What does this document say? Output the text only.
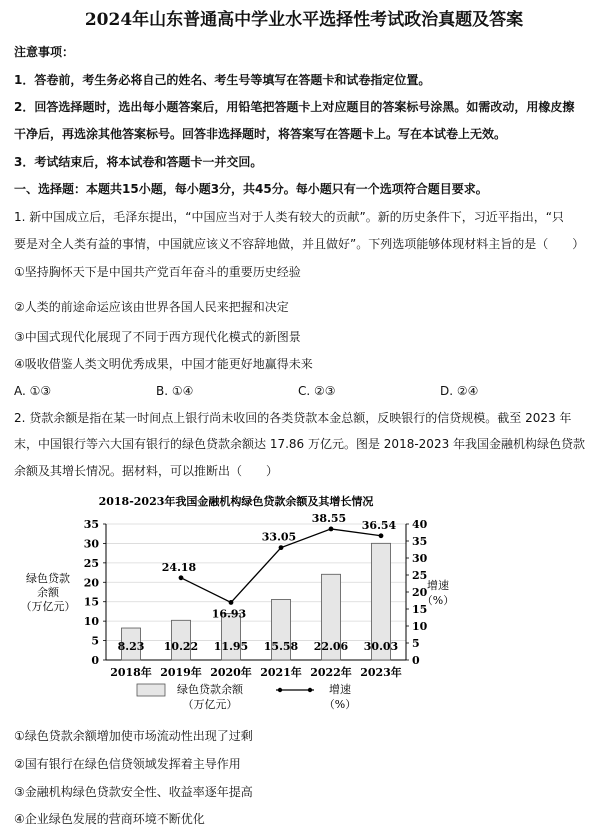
2024年山东普通高中学业水平选择性考试政治真题及答案
注意事项：
1．答卷前，考生务必将自己的姓名、考生号等填写在答题卡和试卷指定位置。
2．回答选择题时，选出每小题答案后，用铅笔把答题卡上对应题目的答案标号涂黑。如需改动，用橡皮擦
干净后，再选涂其他答案标号。回答非选择题时，将答案写在答题卡上。写在本试卷上无效。
3．考试结束后，将本试卷和答题卡一并交回。
一、选择题：本题共15小题，每小题3分，共45分。每小题只有一个选项符合题目要求。
1. 新中国成立后，毛泽东提出，“中国应当对于人类有较大的贡献”。新的历史条件下，习近平指出，“只
要是对全人类有益的事情，中国就应该义不容辞地做，并且做好”。下列选项能够体现材料主旨的是（　　）
①坚持胸怀天下是中国共产党百年奋斗的重要历史经验
②人类的前途命运应该由世界各国人民来把握和决定
③中国式现代化展现了不同于西方现代化模式的新图景
④吸收借鉴人类文明优秀成果，中国才能更好地赢得未来
A. ①③	B. ①④	C. ②③	D. ②④
2. 贷款余额是指在某一时间点上银行尚未收回的各类贷款本金总额，反映银行的信贷规模。截至 2023 年
末，中国银行等六大国有银行的绿色贷款余额达 17.86 万亿元。图是 2018-2023 年我国金融机构绿色贷款
余额及其增长情况。据材料，可以推断出（　　）
2018-2023年我国金融机构绿色贷款余额及其增长情况
绿色贷款
余额
（万亿元）
增速
（%）
0
5
10
15
20
25
30
35
0
5
10
15
20
25
30
35
40
8.23
2018年
10.22
2019年
11.95
2020年
15.58
2021年
22.06
2022年
30.03
2023年
24.18
16.93
33.05
38.55
36.54
绿色贷款余额
（万亿元）
增速
（%）
①绿色贷款余额增加使市场流动性出现了过剩
②国有银行在绿色信贷领域发挥着主导作用
③金融机构绿色贷款安全性、收益率逐年提高
④企业绿色发展的营商环境不断优化
